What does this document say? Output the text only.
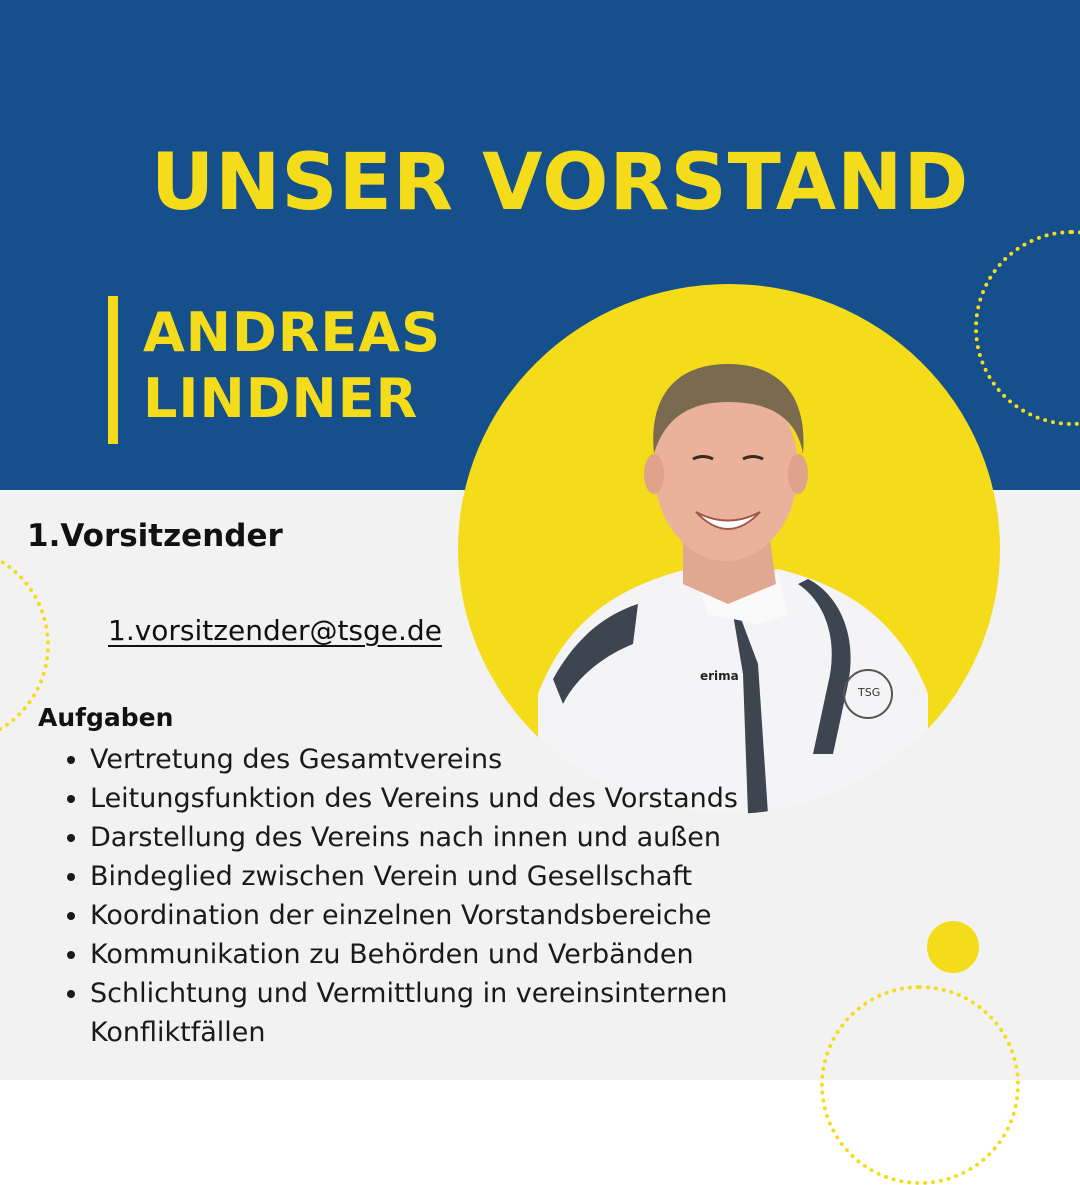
UNSER VORSTAND
ANDREAS
LINDNER
erima
TSG
1.Vorsitzender
1.vorsitzender@tsge.de
Aufgaben
• Vertretung des Gesamtvereins
• Leitungsfunktion des Vereins und des Vorstands
• Darstellung des Vereins nach innen und außen
• Bindeglied zwischen Verein und Gesellschaft
• Koordination der einzelnen Vorstandsbereiche
• Kommunikation zu Behörden und Verbänden
• Schlichtung und Vermittlung in vereinsinternen Konfliktfällen
